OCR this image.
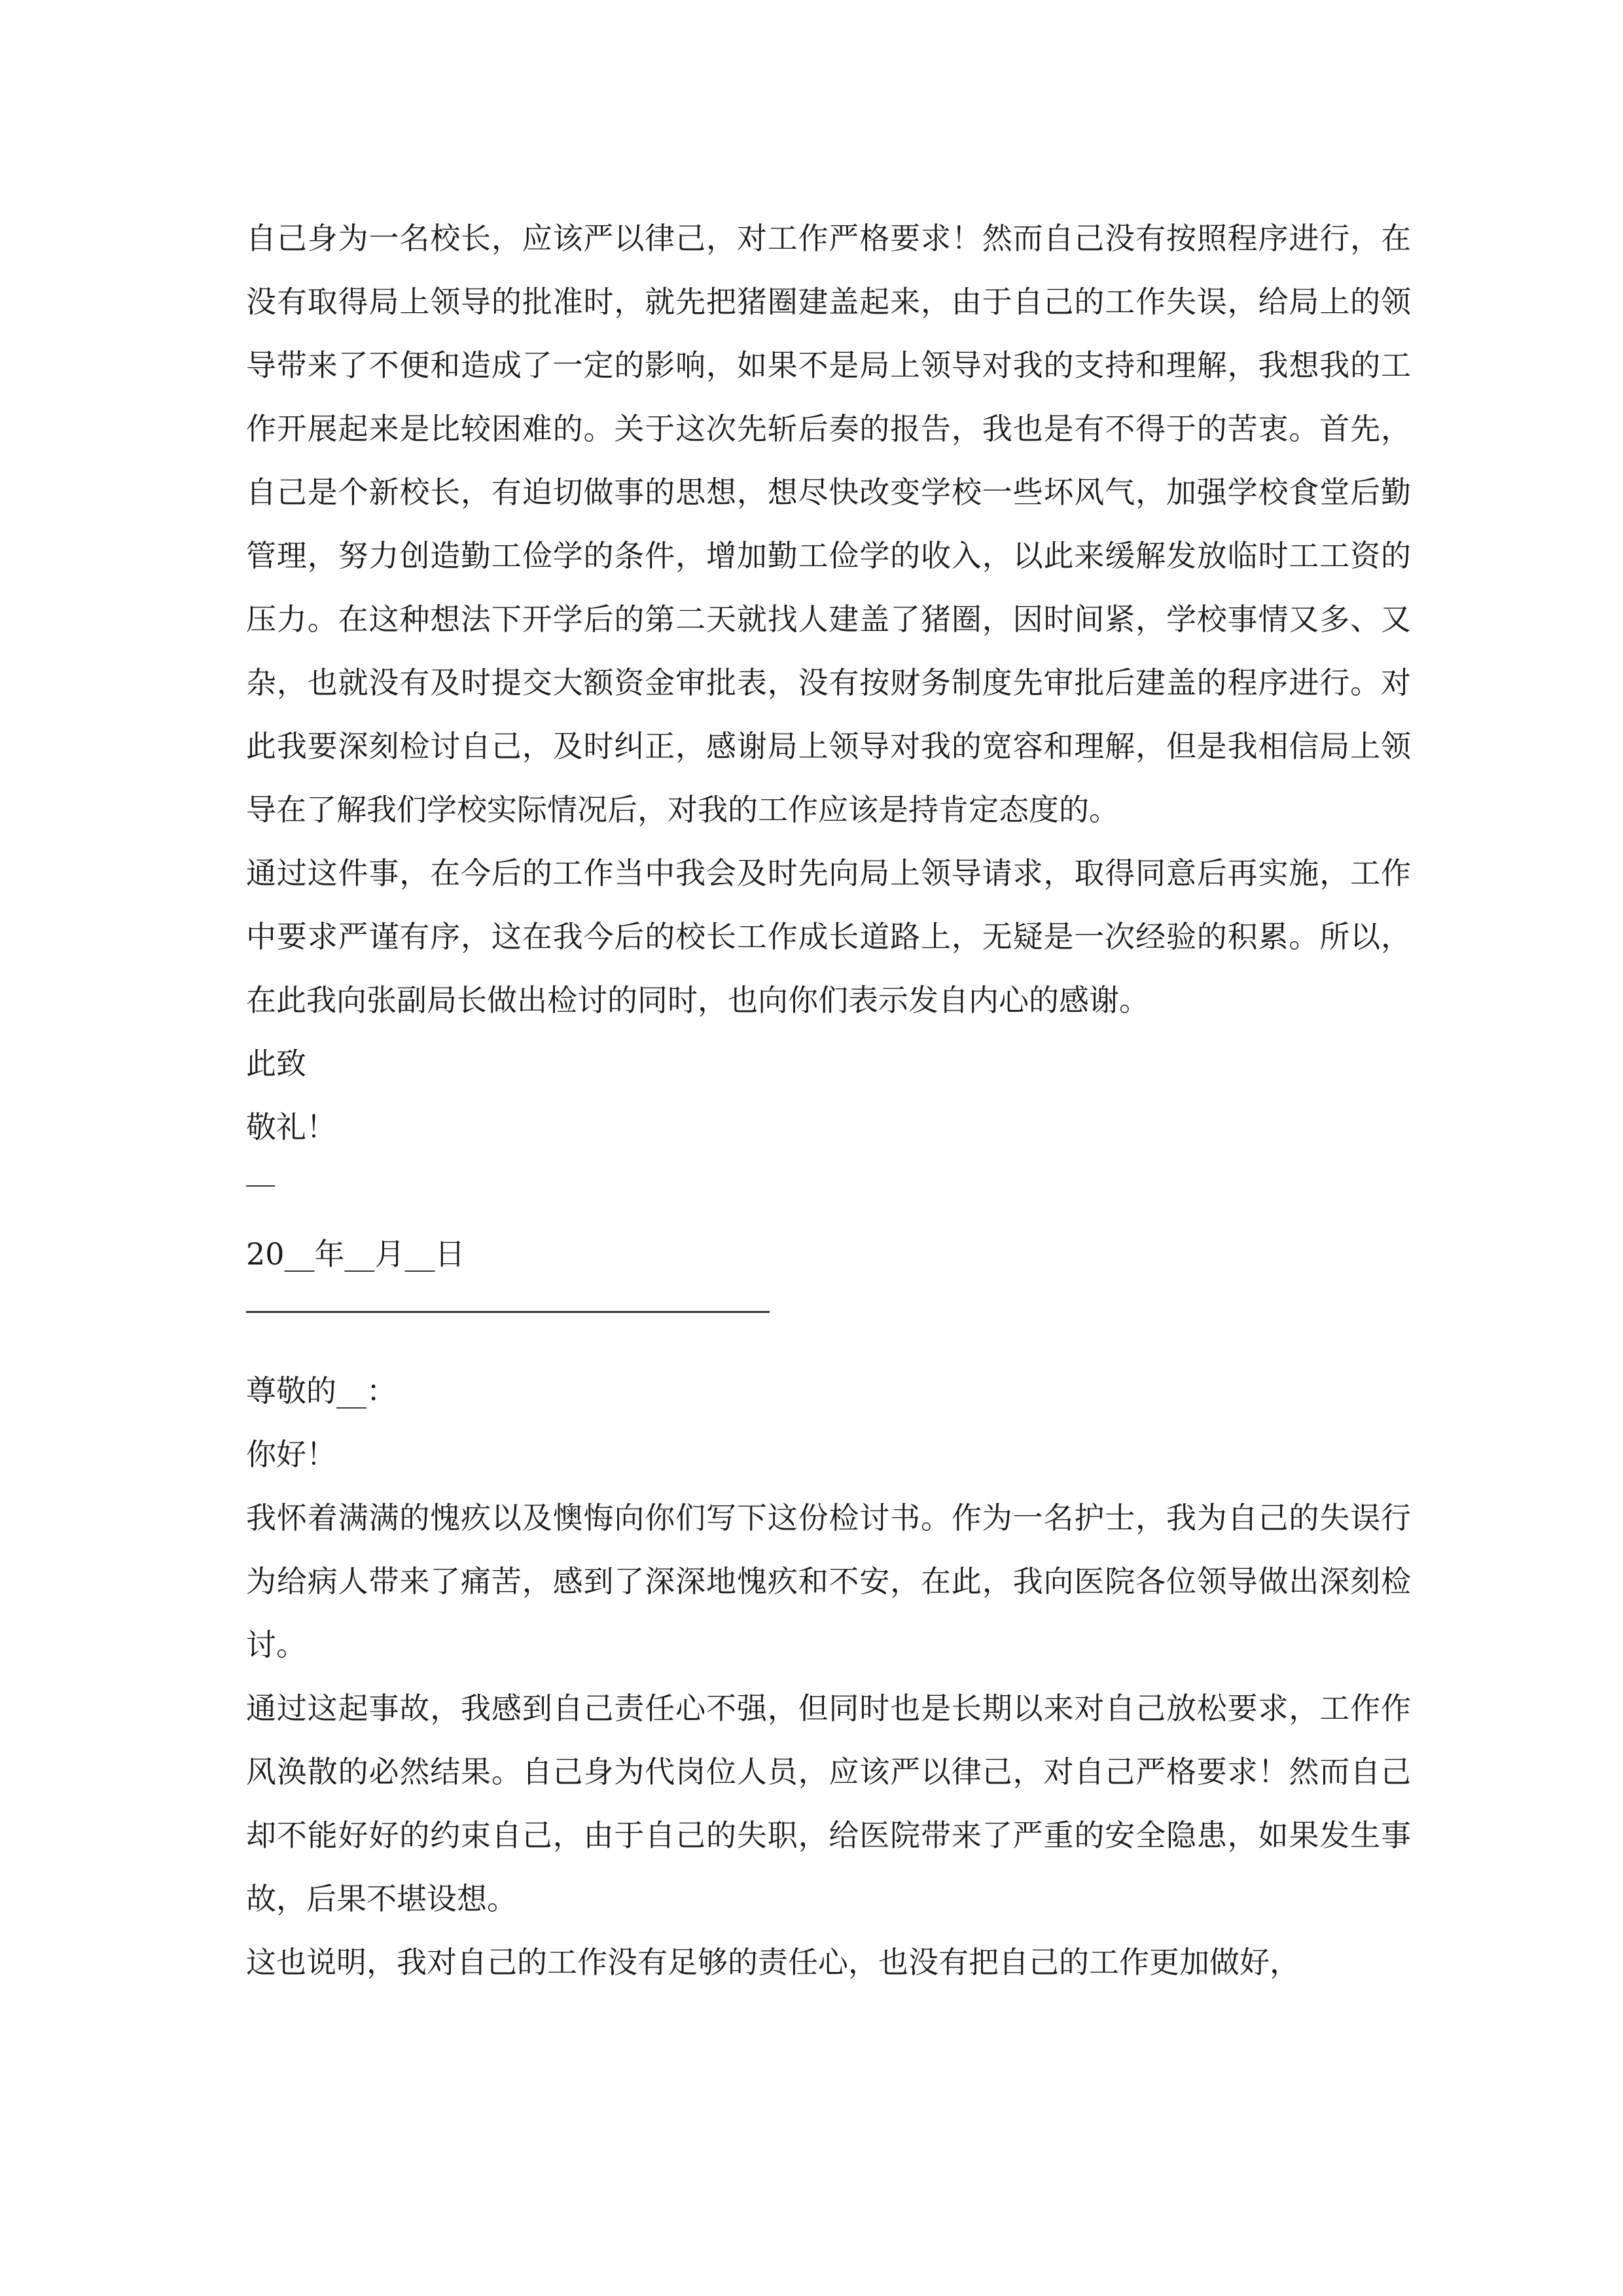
自己身为一名校长，应该严以律己，对工作严格要求！然而自己没有按照程序进行，在没有取得局上领导的批准时，就先把猪圈建盖起来，由于自己的工作失误，给局上的领导带来了不便和造成了一定的影响，如果不是局上领导对我的支持和理解，我想我的工作开展起来是比较困难的。关于这次先斩后奏的报告，我也是有不得于的苦衷。首先，自己是个新校长，有迫切做事的思想，想尽快改变学校一些坏风气，加强学校食堂后勤管理，努力创造勤工俭学的条件，增加勤工俭学的收入，以此来缓解发放临时工工资的压力。在这种想法下开学后的第二天就找人建盖了猪圈，因时间紧，学校事情又多、又杂，也就没有及时提交大额资金审批表，没有按财务制度先审批后建盖的程序进行。对此我要深刻检讨自己，及时纠正，感谢局上领导对我的宽容和理解，但是我相信局上领导在了解我们学校实际情况后，对我的工作应该是持肯定态度的。

通过这件事，在今后的工作当中我会及时先向局上领导请求，取得同意后再实施，工作中要求严谨有序，这在我今后的校长工作成长道路上，无疑是一次经验的积累。所以，在此我向张副局长做出检讨的同时，也向你们表示发自内心的感谢。

此致

敬礼！

20__年__月__日

尊敬的__：

你好！

我怀着满满的愧疚以及懊悔向你们写下这份检讨书。作为一名护士，我为自己的失误行为给病人带来了痛苦，感到了深深地愧疚和不安，在此，我向医院各位领导做出深刻检讨。

通过这起事故，我感到自己责任心不强，但同时也是长期以来对自己放松要求，工作作风涣散的必然结果。自己身为代岗位人员，应该严以律己，对自己严格要求！然而自己却不能好好的约束自己，由于自己的失职，给医院带来了严重的安全隐患，如果发生事故，后果不堪设想。

这也说明，我对自己的工作没有足够的责任心，也没有把自己的工作更加做好，
